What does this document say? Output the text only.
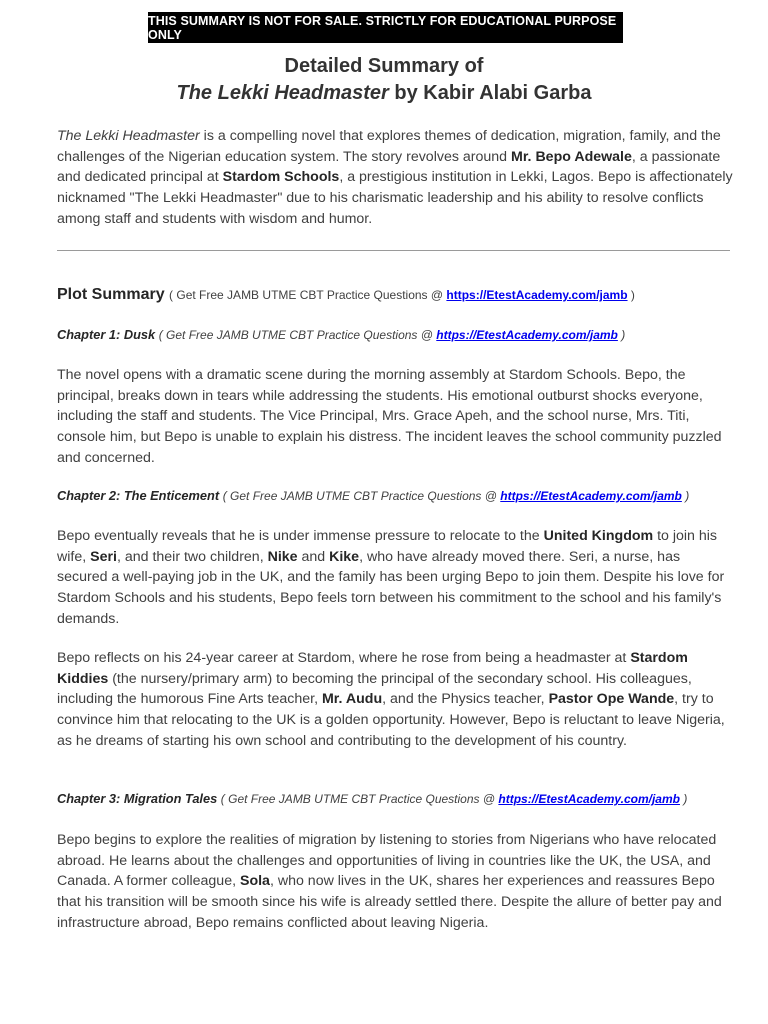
THIS SUMMARY IS NOT FOR SALE. STRICTLY FOR EDUCATIONAL PURPOSE ONLY
Detailed Summary of
The Lekki Headmaster by Kabir Alabi Garba

The Lekki Headmaster is a compelling novel that explores themes of dedication, migration, family, and the challenges of the Nigerian education system. The story revolves around Mr. Bepo Adewale, a passionate and dedicated principal at Stardom Schools, a prestigious institution in Lekki, Lagos. Bepo is affectionately nicknamed "The Lekki Headmaster" due to his charismatic leadership and his ability to resolve conflicts among staff and students with wisdom and humor.

Plot Summary ( Get Free JAMB UTME CBT Practice Questions @ https://EtestAcademy.com/jamb )
Chapter 1: Dusk ( Get Free JAMB UTME CBT Practice Questions @ https://EtestAcademy.com/jamb )

The novel opens with a dramatic scene during the morning assembly at Stardom Schools. Bepo, the principal, breaks down in tears while addressing the students. His emotional outburst shocks everyone, including the staff and students. The Vice Principal, Mrs. Grace Apeh, and the school nurse, Mrs. Titi, console him, but Bepo is unable to explain his distress. The incident leaves the school community puzzled and concerned.

Chapter 2: The Enticement ( Get Free JAMB UTME CBT Practice Questions @ https://EtestAcademy.com/jamb )

Bepo eventually reveals that he is under immense pressure to relocate to the United Kingdom to join his wife, Seri, and their two children, Nike and Kike, who have already moved there. Seri, a nurse, has secured a well-paying job in the UK, and the family has been urging Bepo to join them. Despite his love for Stardom Schools and his students, Bepo feels torn between his commitment to the school and his family's demands.

Bepo reflects on his 24-year career at Stardom, where he rose from being a headmaster at Stardom Kiddies (the nursery/primary arm) to becoming the principal of the secondary school. His colleagues, including the humorous Fine Arts teacher, Mr. Audu, and the Physics teacher, Pastor Ope Wande, try to convince him that relocating to the UK is a golden opportunity. However, Bepo is reluctant to leave Nigeria, as he dreams of starting his own school and contributing to the development of his country.

Chapter 3: Migration Tales ( Get Free JAMB UTME CBT Practice Questions @ https://EtestAcademy.com/jamb )

Bepo begins to explore the realities of migration by listening to stories from Nigerians who have relocated abroad. He learns about the challenges and opportunities of living in countries like the UK, the USA, and Canada. A former colleague, Sola, who now lives in the UK, shares her experiences and reassures Bepo that his transition will be smooth since his wife is already settled there. Despite the allure of better pay and infrastructure abroad, Bepo remains conflicted about leaving Nigeria.
